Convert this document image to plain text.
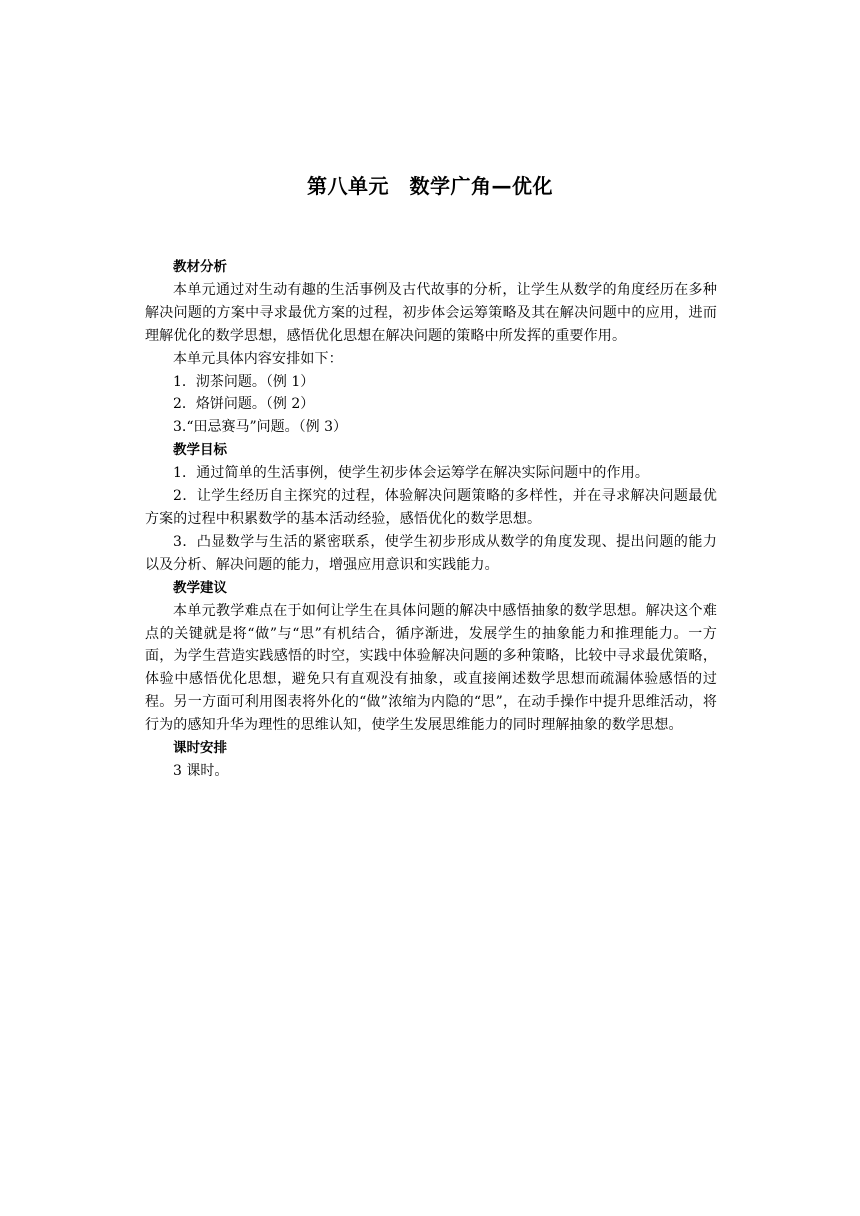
第八单元　数学广角—优化

教材分析

本单元通过对生动有趣的生活事例及古代故事的分析，让学生从数学的角度经历在多种解决问题的方案中寻求最优方案的过程，初步体会运筹策略及其在解决问题中的应用，进而理解优化的数学思想，感悟优化思想在解决问题的策略中所发挥的重要作用。

本单元具体内容安排如下：

1．沏茶问题。（例 1）

2．烙饼问题。（例 2）

3.“田忌赛马”问题。（例 3）

教学目标

1．通过简单的生活事例，使学生初步体会运筹学在解决实际问题中的作用。

2．让学生经历自主探究的过程，体验解决问题策略的多样性，并在寻求解决问题最优方案的过程中积累数学的基本活动经验，感悟优化的数学思想。

3．凸显数学与生活的紧密联系，使学生初步形成从数学的角度发现、提出问题的能力以及分析、解决问题的能力，增强应用意识和实践能力。

教学建议

本单元教学难点在于如何让学生在具体问题的解决中感悟抽象的数学思想。解决这个难点的关键就是将“做”与“思”有机结合，循序渐进，发展学生的抽象能力和推理能力。一方面，为学生营造实践感悟的时空，实践中体验解决问题的多种策略，比较中寻求最优策略，体验中感悟优化思想，避免只有直观没有抽象，或直接阐述数学思想而疏漏体验感悟的过程。另一方面可利用图表将外化的“做”浓缩为内隐的“思”，在动手操作中提升思维活动，将行为的感知升华为理性的思维认知，使学生发展思维能力的同时理解抽象的数学思想。

课时安排

3 课时。
